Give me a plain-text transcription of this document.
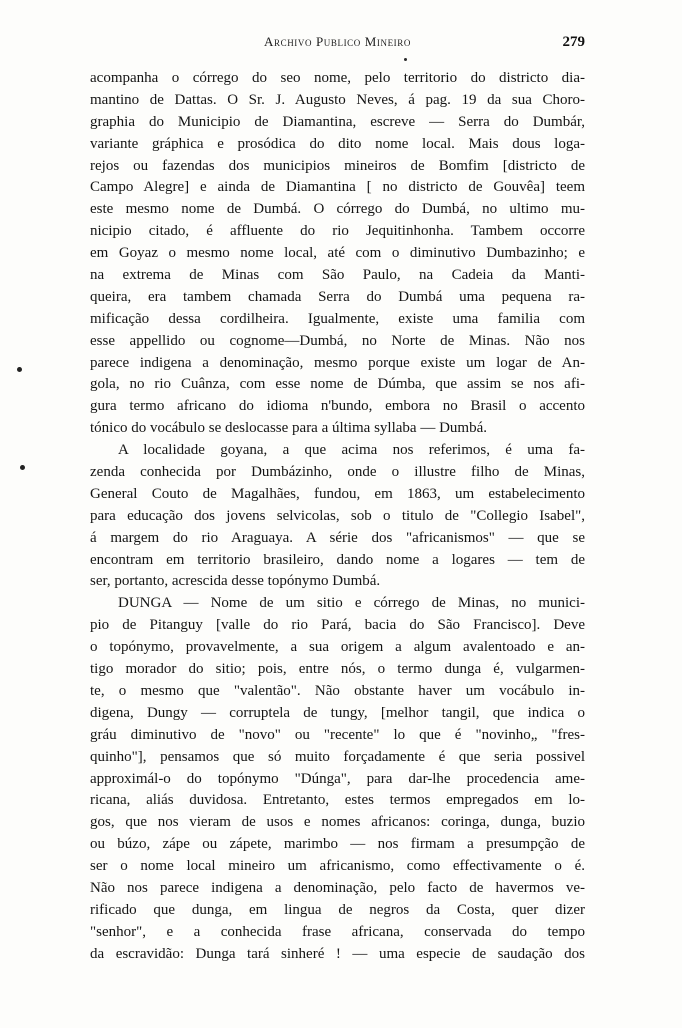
Archivo Publico Mineiro	279
acompanha o córrego do seo nome, pelo territorio do districto dia-
mantino de Dattas. O Sr. J. Augusto Neves, á pag. 19 da sua Choro-
graphia do Municipio de Diamantina, escreve — Serra do Dumbár,
variante gráphica e prosódica do dito nome local. Mais dous loga-
rejos ou fazendas dos municipios mineiros de Bomfim [districto de
Campo Alegre] e ainda de Diamantina [ no districto de Gouvêa] teem
este mesmo nome de Dumbá. O córrego do Dumbá, no ultimo mu-
nicipio citado, é affluente do rio Jequitinhonha. Tambem occorre
em Goyaz o mesmo nome local, até com o diminutivo Dumbazinho; e
na extrema de Minas com São Paulo, na Cadeia da Manti-
queira, era tambem chamada Serra do Dumbá uma pequena ra-
mificação dessa cordilheira. Igualmente, existe uma familia com
esse appellido ou cognome—Dumbá, no Norte de Minas. Não nos
parece indigena a denominação, mesmo porque existe um logar de An-
gola, no rio Cuânza, com esse nome de Dúmba, que assim se nos afi-
gura termo africano do idioma n'bundo, embora no Brasil o accento
tónico do vocábulo se deslocasse para a última syllaba — Dumbá.
A localidade goyana, a que acima nos referimos, é uma fa-
zenda conhecida por Dumbázinho, onde o illustre filho de Minas,
General Couto de Magalhães, fundou, em 1863, um estabelecimento
para educação dos jovens selvicolas, sob o titulo de "Collegio Isabel",
á margem do rio Araguaya. A série dos "africanismos" — que se
encontram em territorio brasileiro, dando nome a logares — tem de
ser, portanto, acrescida desse topónymo Dumbá.
DUNGA — Nome de um sitio e córrego de Minas, no munici-
pio de Pitanguy [valle do rio Pará, bacia do São Francisco]. Deve
o topónymo, provavelmente, a sua origem a algum avalentoado e an-
tigo morador do sitio; pois, entre nós, o termo dunga é, vulgarmen-
te, o mesmo que "valentão". Não obstante haver um vocábulo in-
digena, Dungy — corruptela de tungy, [melhor tangil, que indica o
gráu diminutivo de "novo" ou "recente" lo que é "novinho„ "fres-
quinho"], pensamos que só muito forçadamente é que seria possivel
approximál-o do topónymo "Dúnga", para dar-lhe procedencia ame-
ricana, aliás duvidosa. Entretanto, estes termos empregados em lo-
gos, que nos vieram de usos e nomes africanos: coringa, dunga, buzio
ou búzo, zápe ou zápete, marimbo — nos firmam a presumpção de
ser o nome local mineiro um africanismo, como effectivamente o é.
Não nos parece indigena a denominação, pelo facto de havermos ve-
rificado que dunga, em lingua de negros da Costa, quer dizer
"senhor", e a conhecida frase africana, conservada do tempo
da escravidão: Dunga tará sinheré ! — uma especie de saudação dos
